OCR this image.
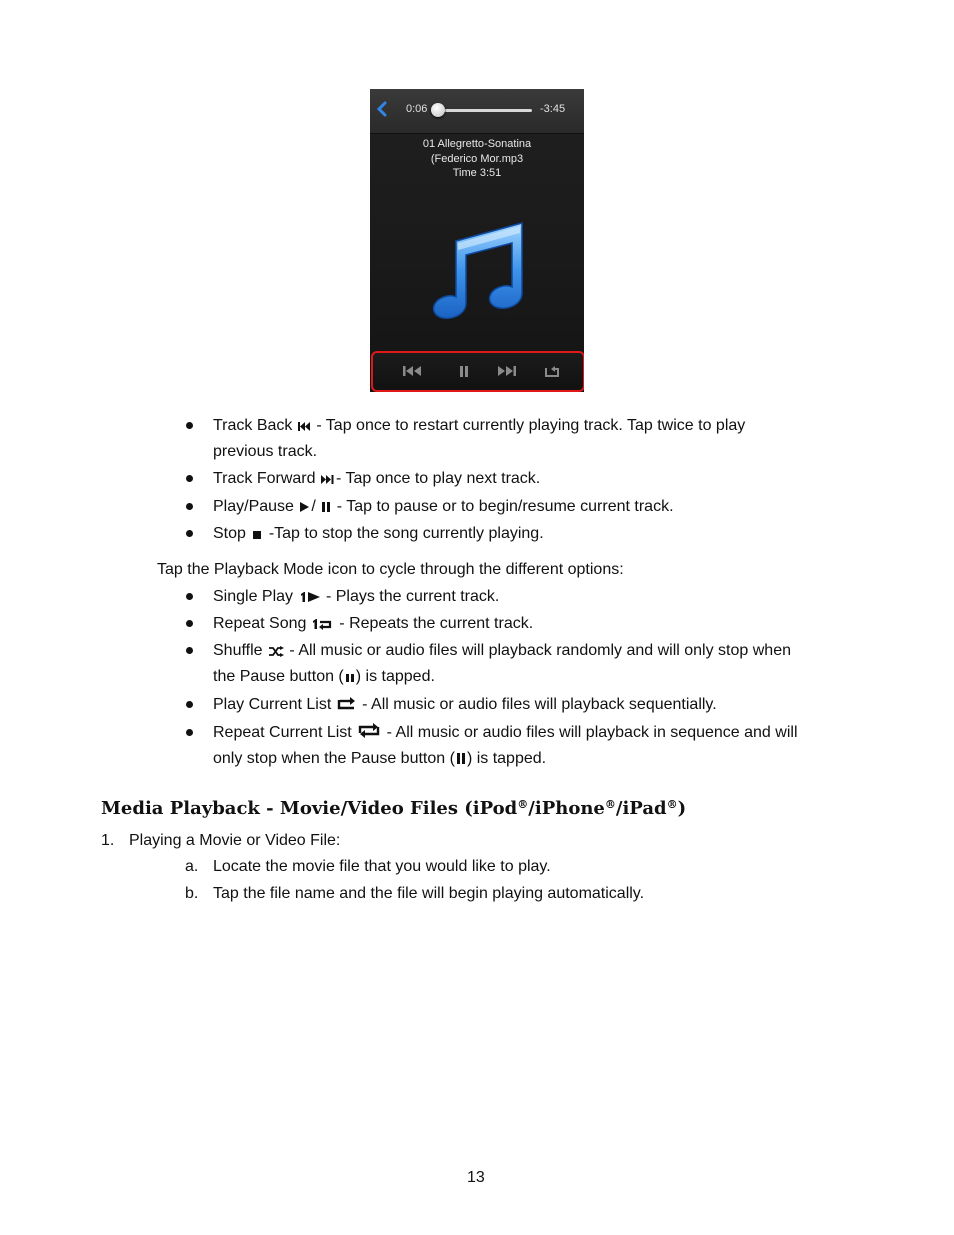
0:06	-3:45
01 Allegretto-Sonatina
(Federico Mor.mp3
Time 3:51
Track Back  - Tap once to restart currently playing track. Tap twice to play
previous track.
Track Forward - Tap once to play next track.
Play/Pause /  - Tap to pause or to begin/resume current track.
Stop  -Tap to stop the song currently playing.
Tap the Playback Mode icon to cycle through the different options:
Single Play  - Plays the current track.
Repeat Song  - Repeats the current track.
Shuffle  - All music or audio files will playback randomly and will only stop when
the Pause button ( ) is tapped.
Play Current List  - All music or audio files will playback sequentially.
Repeat Current List  - All music or audio files will playback in sequence and will
only stop when the Pause button ( ) is tapped.
Media Playback - Movie/Video Files (iPod®/iPhone®/iPad®)
1. Playing a Movie or Video File:
a. Locate the movie file that you would like to play.
b. Tap the file name and the file will begin playing automatically.
13
